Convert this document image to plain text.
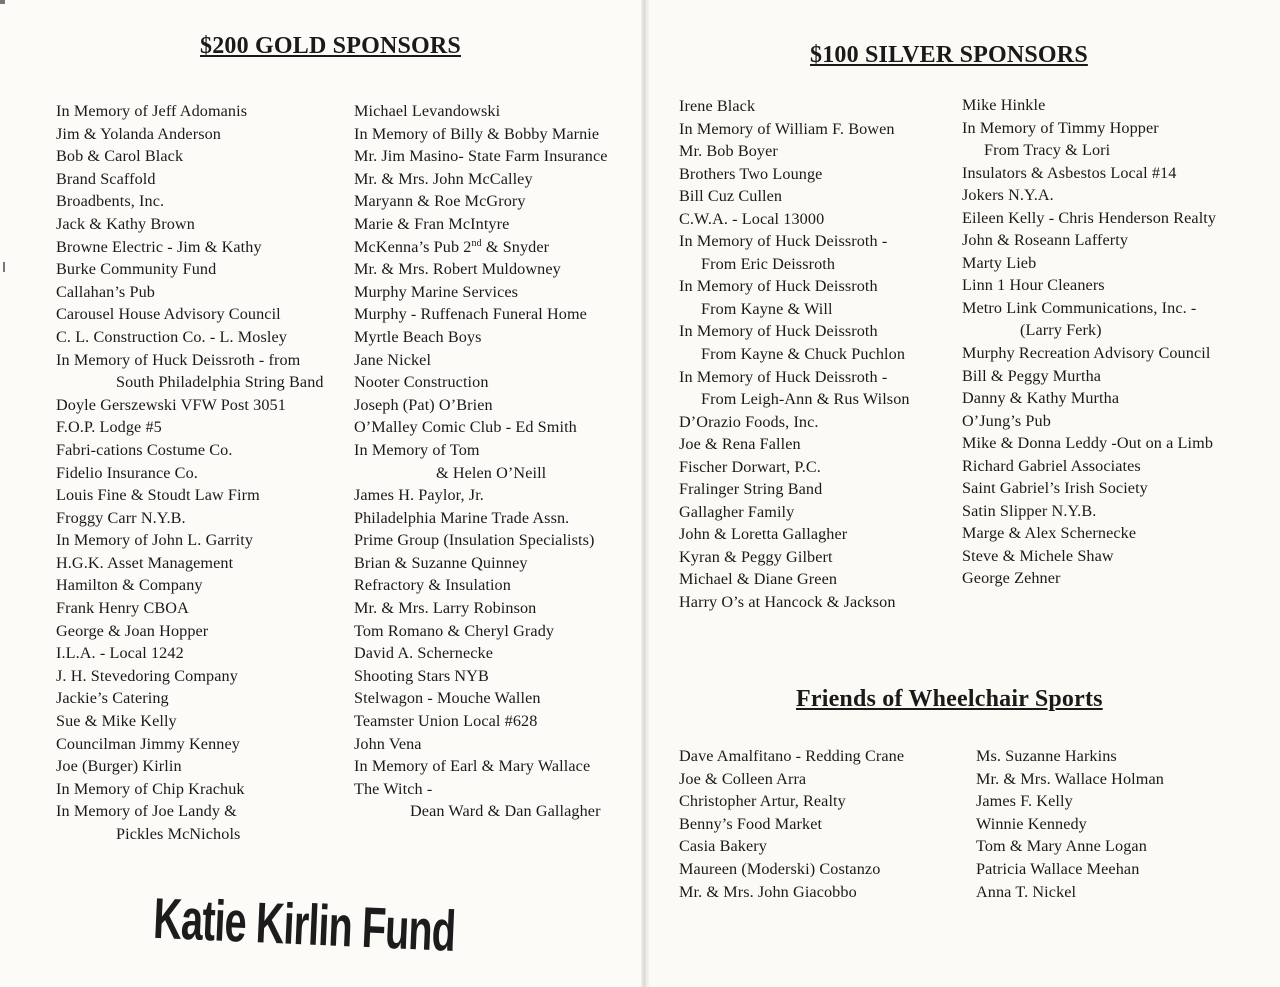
$200 GOLD SPONSORS
In Memory of Jeff Adomanis
Jim & Yolanda Anderson
Bob & Carol Black
Brand Scaffold
Broadbents, Inc.
Jack & Kathy Brown
Browne Electric - Jim & Kathy
Burke Community Fund
Callahan’s Pub
Carousel House Advisory Council
C. L. Construction Co. - L. Mosley
In Memory of Huck Deissroth - from
South Philadelphia String Band
Doyle Gerszewski VFW Post 3051
F.O.P. Lodge #5
Fabri-cations Costume Co.
Fidelio Insurance Co.
Louis Fine & Stoudt Law Firm
Froggy Carr N.Y.B.
In Memory of John L. Garrity
H.G.K. Asset Management
Hamilton & Company
Frank Henry CBOA
George & Joan Hopper
I.L.A. - Local 1242
J. H. Stevedoring Company
Jackie’s Catering
Sue & Mike Kelly
Councilman Jimmy Kenney
Joe (Burger) Kirlin
In Memory of Chip Krachuk
In Memory of Joe Landy &
Pickles McNichols
Michael Levandowski
In Memory of Billy & Bobby Marnie
Mr. Jim Masino- State Farm Insurance
Mr. & Mrs. John McCalley
Maryann & Roe McGrory
Marie & Fran McIntyre
McKenna’s Pub 2nd & Snyder
Mr. & Mrs. Robert Muldowney
Murphy Marine Services
Murphy - Ruffenach Funeral Home
Myrtle Beach Boys
Jane Nickel
Nooter Construction
Joseph (Pat) O’Brien
O’Malley Comic Club - Ed Smith
In Memory of Tom
& Helen O’Neill
James H. Paylor, Jr.
Philadelphia Marine Trade Assn.
Prime Group (Insulation Specialists)
Brian & Suzanne Quinney
Refractory & Insulation
Mr. & Mrs. Larry Robinson
Tom Romano & Cheryl Grady
David A. Schernecke
Shooting Stars NYB
Stelwagon - Mouche Wallen
Teamster Union Local #628
John Vena
In Memory of Earl & Mary Wallace
The Witch -
Dean Ward & Dan Gallagher
Katie Kirlin Fund
$100 SILVER SPONSORS
Irene Black
In Memory of William F. Bowen
Mr. Bob Boyer
Brothers Two Lounge
Bill Cuz Cullen
C.W.A. - Local 13000
In Memory of Huck Deissroth -
From Eric Deissroth
In Memory of Huck Deissroth
From Kayne & Will
In Memory of Huck Deissroth
From Kayne & Chuck Puchlon
In Memory of Huck Deissroth -
From Leigh-Ann & Rus Wilson
D’Orazio Foods, Inc.
Joe & Rena Fallen
Fischer Dorwart, P.C.
Fralinger String Band
Gallagher Family
John & Loretta Gallagher
Kyran & Peggy Gilbert
Michael & Diane Green
Harry O’s at Hancock & Jackson
Mike Hinkle
In Memory of Timmy Hopper
From Tracy & Lori
Insulators & Asbestos Local #14
Jokers N.Y.A.
Eileen Kelly - Chris Henderson Realty
John & Roseann Lafferty
Marty Lieb
Linn 1 Hour Cleaners
Metro Link Communications, Inc. -
(Larry Ferk)
Murphy Recreation Advisory Council
Bill & Peggy Murtha
Danny & Kathy Murtha
O’Jung’s Pub
Mike & Donna Leddy -Out on a Limb
Richard Gabriel Associates
Saint Gabriel’s Irish Society
Satin Slipper N.Y.B.
Marge & Alex Schernecke
Steve & Michele Shaw
George Zehner
Friends of Wheelchair Sports
Dave Amalfitano - Redding Crane
Joe & Colleen Arra
Christopher Artur, Realty
Benny’s Food Market
Casia Bakery
Maureen (Moderski) Costanzo
Mr. & Mrs. John Giacobbo
Ms. Suzanne Harkins
Mr. & Mrs. Wallace Holman
James F. Kelly
Winnie Kennedy
Tom & Mary Anne Logan
Patricia Wallace Meehan
Anna T. Nickel
